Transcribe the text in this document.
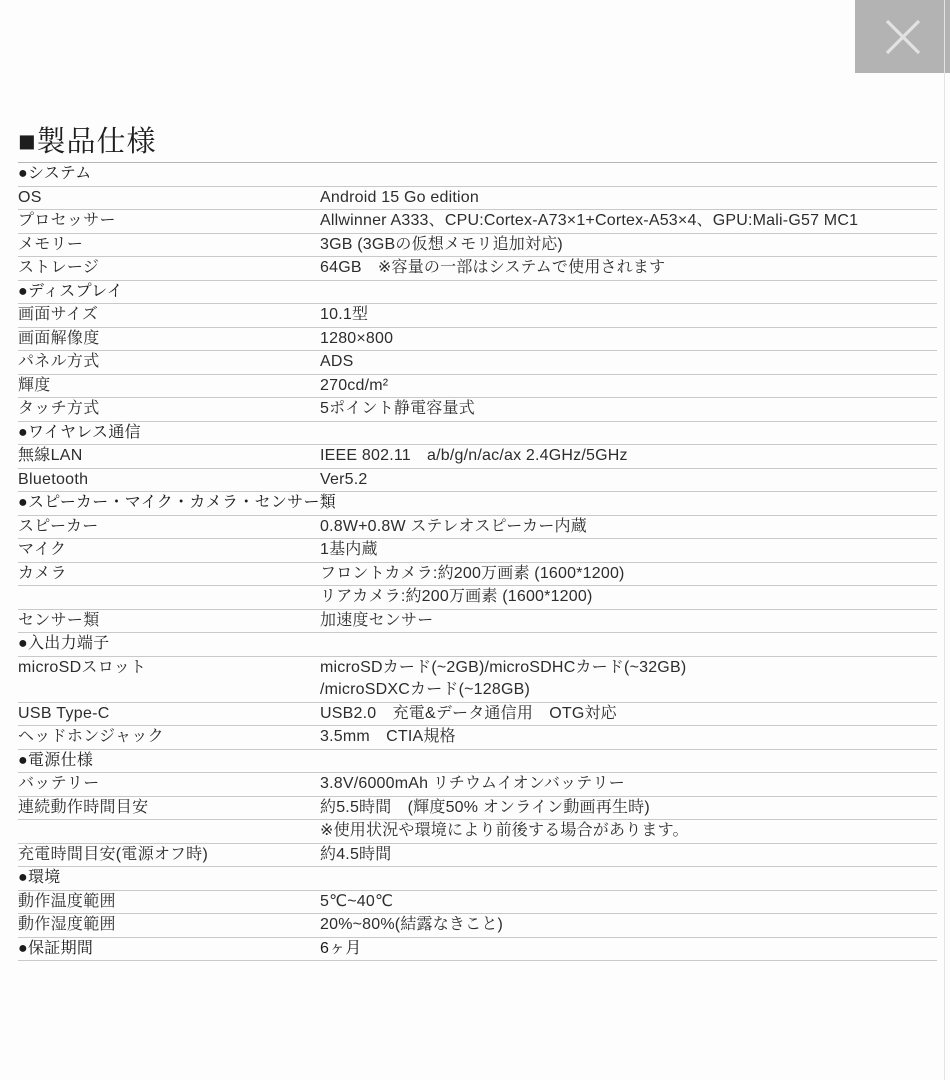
■製品仕様
●システム
OS	Android 15 Go edition
プロセッサー	Allwinner A333、CPU:Cortex-A73×1+Cortex-A53×4、GPU:Mali-G57 MC1
メモリー	3GB (3GBの仮想メモリ追加対応)
ストレージ	64GB　※容量の一部はシステムで使用されます
●ディスプレイ
画面サイズ	10.1型
画面解像度	1280×800
パネル方式	ADS
輝度	270cd/m²
タッチ方式	5ポイント静電容量式
●ワイヤレス通信
無線LAN	IEEE 802.11　a/b/g/n/ac/ax 2.4GHz/5GHz
Bluetooth	Ver5.2
●スピーカー・マイク・カメラ・センサー類
スピーカー	0.8W+0.8W ステレオスピーカー内蔵
マイク	1基内蔵
カメラ	フロントカメラ:約200万画素 (1600*1200)
リアカメラ:約200万画素 (1600*1200)
センサー類	加速度センサー
●入出力端子
microSDスロット	microSDカード(~2GB)/microSDHCカード(~32GB)
/microSDXCカード(~128GB)
USB Type-C	USB2.0　充電&データ通信用　OTG対応
ヘッドホンジャック	3.5mm　CTIA規格
●電源仕様
バッテリー	3.8V/6000mAh リチウムイオンバッテリー
連続動作時間目安	約5.5時間　(輝度50% オンライン動画再生時)
※使用状況や環境により前後する場合があります。
充電時間目安(電源オフ時)	約4.5時間
●環境
動作温度範囲	5℃~40℃
動作湿度範囲	20%~80%(結露なきこと)
●保証期間	6ヶ月
